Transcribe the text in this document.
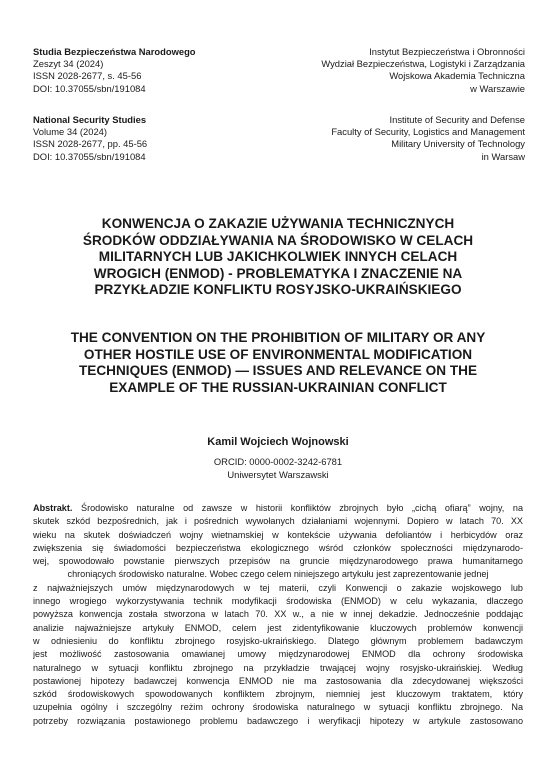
Studia Bezpieczeństwa Narodowego
Zeszyt 34 (2024)
ISSN 2028-2677, s. 45-56
DOI: 10.37055/sbn/191084
Instytut Bezpieczeństwa i Obronności
Wydział Bezpieczeństwa, Logistyki i Zarządzania
Wojskowa Akademia Techniczna
w Warszawie
National Security Studies
Volume 34 (2024)
ISSN 2028-2677, pp. 45-56
DOI: 10.37055/sbn/191084
Institute of Security and Defense
Faculty of Security, Logistics and Management
Military University of Technology
in Warsaw
KONWENCJA O ZAKAZIE UŻYWANIA TECHNICZNYCH
ŚRODKÓW ODDZIAŁYWANIA NA ŚRODOWISKO W CELACH
MILITARNYCH LUB JAKICHKOLWIEK INNYCH CELACH
WROGICH (ENMOD) - PROBLEMATYKA I ZNACZENIE NA
PRZYKŁADZIE KONFLIKTU ROSYJSKO-UKRAIŃSKIEGO
THE CONVENTION ON THE PROHIBITION OF MILITARY OR ANY
OTHER HOSTILE USE OF ENVIRONMENTAL MODIFICATION
TECHNIQUES (ENMOD) — ISSUES AND RELEVANCE ON THE
EXAMPLE OF THE RUSSIAN-UKRAINIAN CONFLICT
Kamil Wojciech Wojnowski
ORCID: 0000-0002-3242-6781
Uniwersytet Warszawski
Abstrakt. Środowisko naturalne od zawsze w historii konfliktów zbrojnych było „cichą ofiarą” wojny, na
skutek szkód bezpośrednich, jak i pośrednich wywołanych działaniami wojennymi. Dopiero w latach 70. XX
wieku na skutek doświadczeń wojny wietnamskiej w kontekście używania defoliantów i herbicydów oraz
zwiększenia się świadomości bezpieczeństwa ekologicznego wśród członków społeczności międzynarodo-
wej, spowodowało powstanie pierwszych przepisów na gruncie międzynarodowego prawa humanitarnego
chroniących środowisko naturalne. Wobec czego celem niniejszego artykułu jest zaprezentowanie jednej
z najważniejszych umów międzynarodowych w tej materii, czyli Konwencji o zakazie wojskowego lub
innego wrogiego wykorzystywania technik modyfikacji środowiska (ENMOD) w celu wykazania, dlaczego
powyższa konwencja została stworzona w latach 70. XX w., a nie w innej dekadzie. Jednocześnie poddając
analizie najważniejsze artykuły ENMOD, celem jest zidentyfikowanie kluczowych problemów konwencji
w odniesieniu do konfliktu zbrojnego rosyjsko-ukraińskiego. Dlatego głównym problemem badawczym
jest możliwość zastosowania omawianej umowy międzynarodowej ENMOD dla ochrony środowiska
naturalnego w sytuacji konfliktu zbrojnego na przykładzie trwającej wojny rosyjsko-ukraińskiej. Według
postawionej hipotezy badawczej konwencja ENMOD nie ma zastosowania dla zdecydowanej większości
szkód środowiskowych spowodowanych konfliktem zbrojnym, niemniej jest kluczowym traktatem, który
uzupełnia ogólny i szczególny reżim ochrony środowiska naturalnego w sytuacji konfliktu zbrojnego. Na
potrzeby rozwiązania postawionego problemu badawczego i weryfikacji hipotezy w artykule zastosowano
